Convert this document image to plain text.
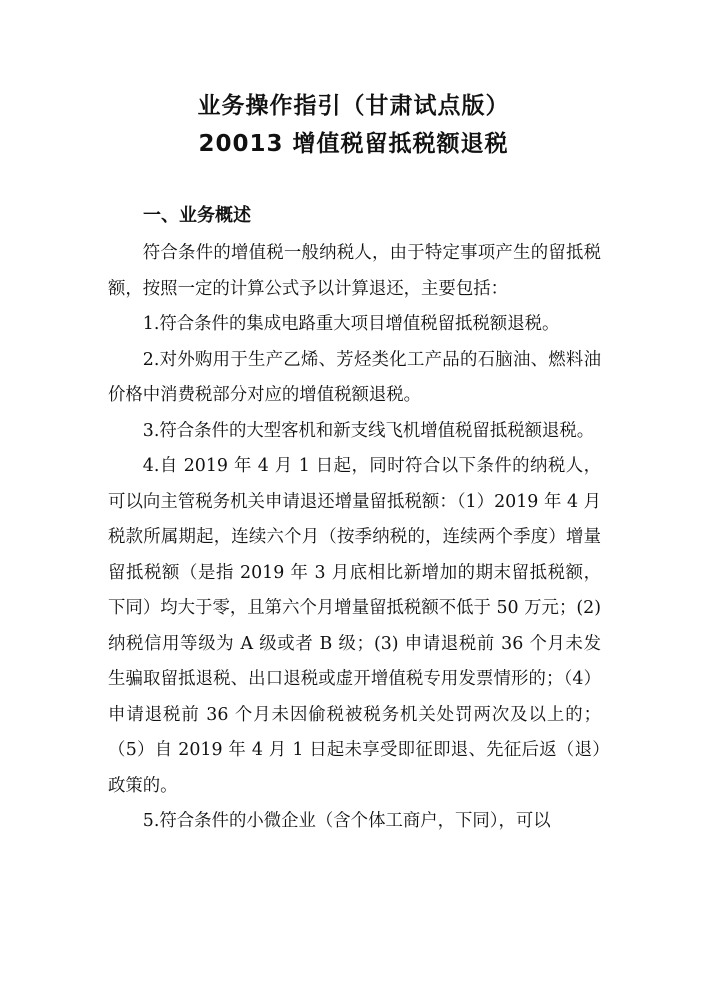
业务操作指引（甘肃试点版）
20013 增值税留抵税额退税
一、业务概述

符合条件的增值税一般纳税人，由于特定事项产生的留抵税额，按照一定的计算公式予以计算退还，主要包括：

1.符合条件的集成电路重大项目增值税留抵税额退税。

2.对外购用于生产乙烯、芳烃类化工产品的石脑油、燃料油价格中消费税部分对应的增值税额退税。

3.符合条件的大型客机和新支线飞机增值税留抵税额退税。

4.自 2019 年 4 月 1 日起，同时符合以下条件的纳税人，可以向主管税务机关申请退还增量留抵税额：（1）2019 年 4 月税款所属期起，连续六个月（按季纳税的，连续两个季度）增量留抵税额（是指 2019 年 3 月底相比新增加的期末留抵税额，下同）均大于零，且第六个月增量留抵税额不低于 50 万元；(2) 纳税信用等级为 A 级或者 B 级；(3) 申请退税前 36 个月未发生骗取留抵退税、出口退税或虚开增值税专用发票情形的；（4）申请退税前 36 个月未因偷税被税务机关处罚两次及以上的；（5）自 2019 年 4 月 1 日起未享受即征即退、先征后返（退）政策的。

5.符合条件的小微企业（含个体工商户，下同），可以
